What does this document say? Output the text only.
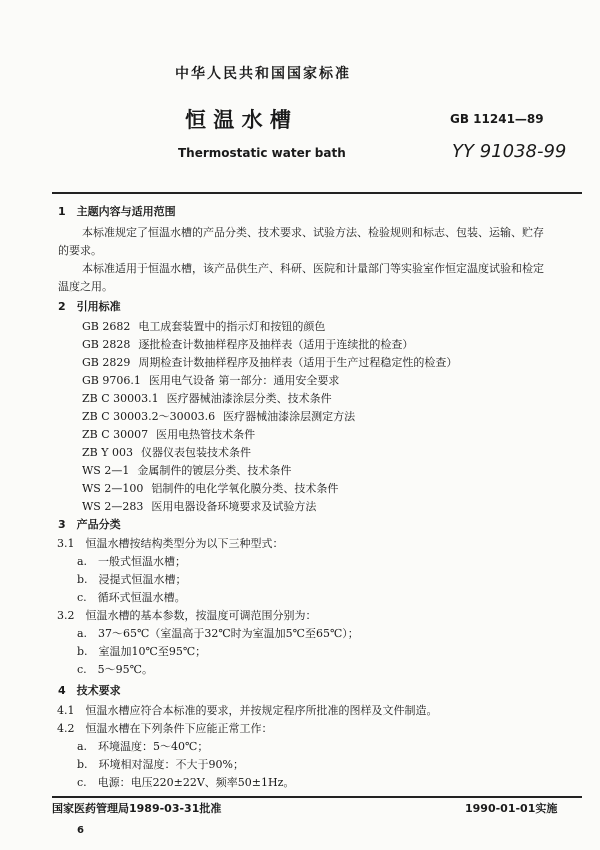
中华人民共和国国家标准
恒 温 水 槽
Thermostatic water bath
GB 11241—89
YY 91038-99
1　主题内容与适用范围
本标准规定了恒温水槽的产品分类、技术要求、试验方法、检验规则和标志、包装、运输、贮存
的要求。
本标准适用于恒温水槽，该产品供生产、科研、医院和计量部门等实验室作恒定温度试验和检定
温度之用。
2　引用标准
GB 2682 电工成套装置中的指示灯和按钮的颜色
GB 2828 逐批检查计数抽样程序及抽样表（适用于连续批的检查）
GB 2829 周期检查计数抽样程序及抽样表（适用于生产过程稳定性的检查）
GB 9706.1 医用电气设备 第一部分：通用安全要求
ZB C 30003.1 医疗器械油漆涂层分类、技术条件
ZB C 30003.2～30003.6 医疗器械油漆涂层测定方法
ZB C 30007 医用电热管技术条件
ZB Y 003 仪器仪表包装技术条件
WS 2—1 金属制件的镀层分类、技术条件
WS 2—100 铝制件的电化学氧化膜分类、技术条件
WS 2—283 医用电器设备环境要求及试验方法
3　产品分类
3.1　恒温水槽按结构类型分为以下三种型式：
a.　一般式恒温水槽；
b.　浸提式恒温水槽；
c.　循环式恒温水槽。
3.2　恒温水槽的基本参数，按温度可调范围分别为：
a.　37～65℃（室温高于32℃时为室温加5℃至65℃）；
b.　室温加10℃至95℃；
c.　5～95℃。
4　技术要求
4.1　恒温水槽应符合本标准的要求，并按规定程序所批准的图样及文件制造。
4.2　恒温水槽在下列条件下应能正常工作：
a.　环境温度：5～40℃；
b.　环境相对湿度：不大于90%；
c.　电源：电压220±22V、频率50±1Hz。
国家医药管理局1989-03-31批准	1990-01-01实施
6
